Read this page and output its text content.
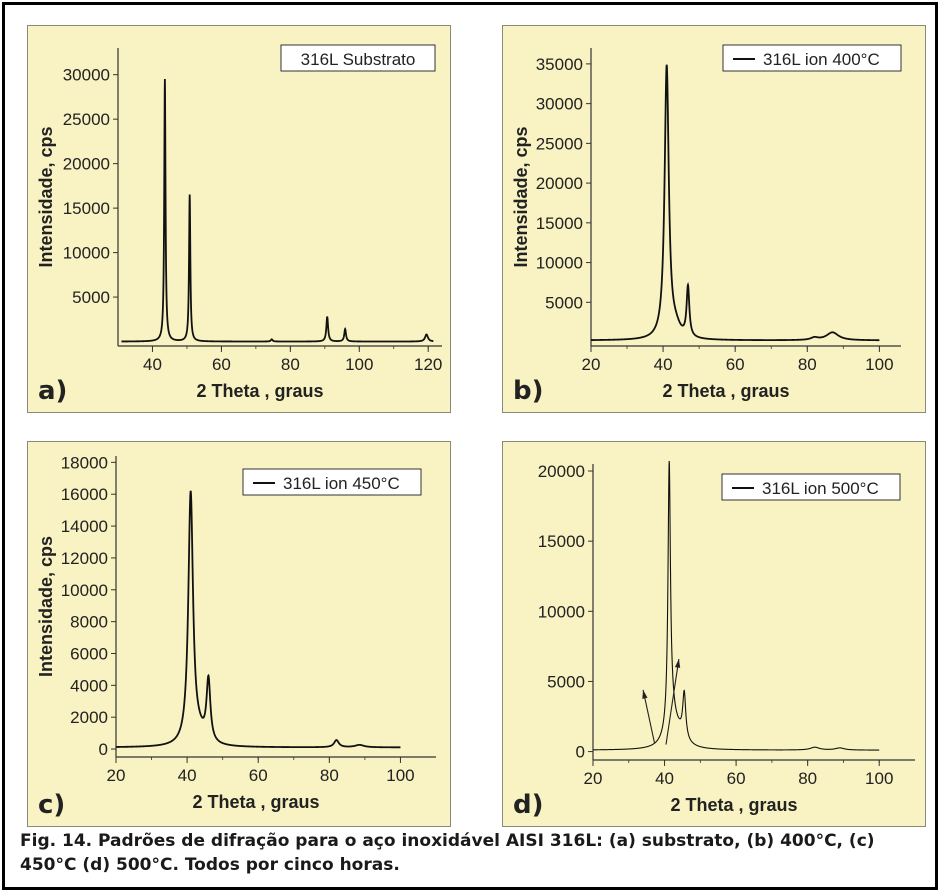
40	60	80	100 120
5000
10000
15000
20000
25000
30000
2 Theta , graus
Intensidade, cps
316L Substrato
a)
20	40	60	80	100
5000
10000
15000
20000
25000
30000
35000
2 Theta , graus
Intensidade, cps
316L ion 400°C
b)
20	40	60	80	100
0
2000
4000
6000
8000
10000
12000
14000
16000
18000
2 Theta , graus
Intensidade, cps
316L ion 450°C
c)
20	40	60	80	100
0
5000
10000
15000
20000
2 Theta , graus
316L ion 500°C
d)
Fig. 14. Padrões de difração para o aço inoxidável AISI 316L: (a) substrato, (b) 400°C, (c) 450°C (d) 500°C. Todos por cinco horas.
